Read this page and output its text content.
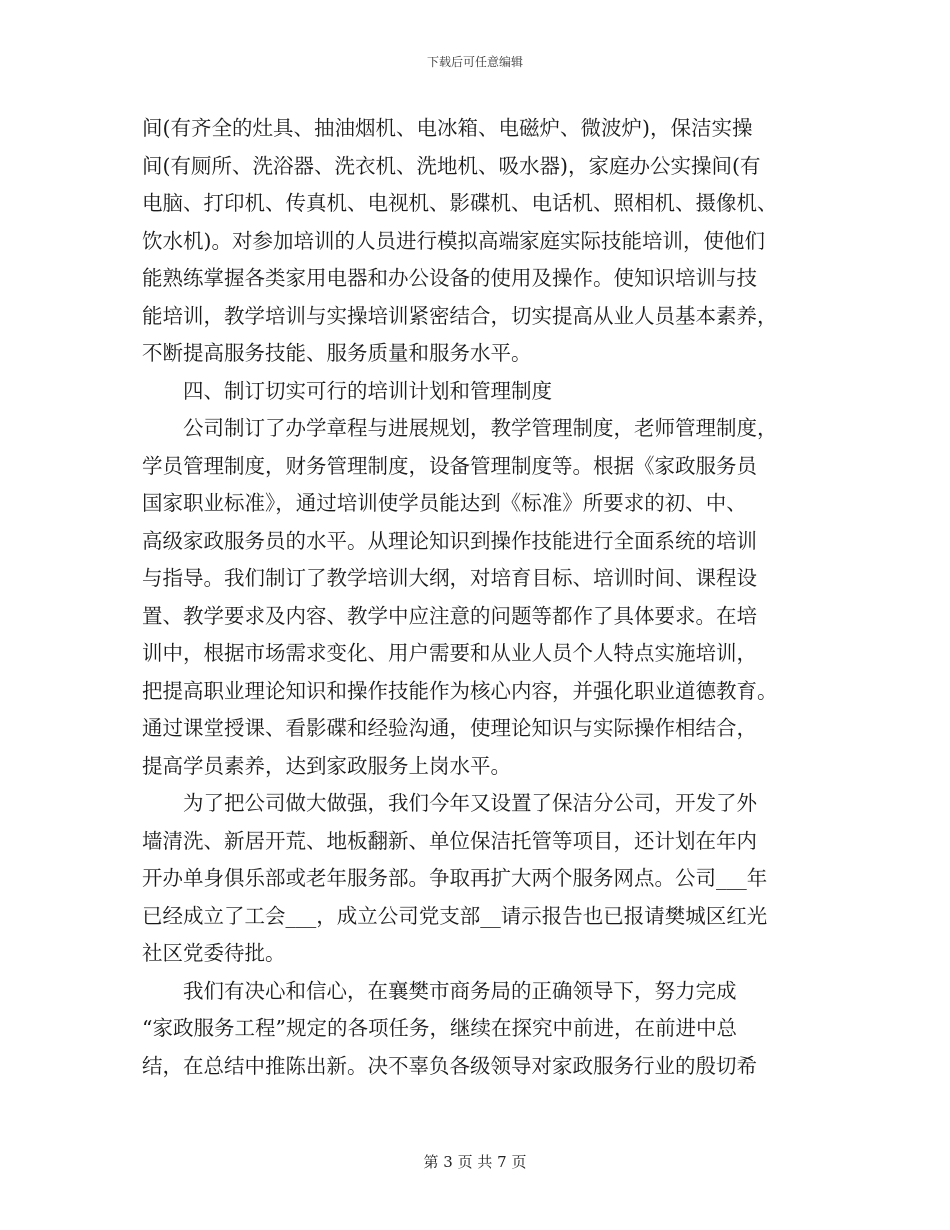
下载后可任意编辑
间(有齐全的灶具、抽油烟机、电冰箱、电磁炉、微波炉)，保洁实操
间(有厕所、洗浴器、洗衣机、洗地机、吸水器)，家庭办公实操间(有
电脑、打印机、传真机、电视机、影碟机、电话机、照相机、摄像机、
饮水机)。对参加培训的人员进行模拟高端家庭实际技能培训，使他们
能熟练掌握各类家用电器和办公设备的使用及操作。使知识培训与技
能培训，教学培训与实操培训紧密结合，切实提高从业人员基本素养，
不断提高服务技能、服务质量和服务水平。
四、制订切实可行的培训计划和管理制度
公司制订了办学章程与进展规划，教学管理制度，老师管理制度，
学员管理制度，财务管理制度，设备管理制度等。根据《家政服务员
国家职业标准》，通过培训使学员能达到《标准》所要求的初、中、
高级家政服务员的水平。从理论知识到操作技能进行全面系统的培训
与指导。我们制订了教学培训大纲，对培育目标、培训时间、课程设
置、教学要求及内容、教学中应注意的问题等都作了具体要求。在培
训中，根据市场需求变化、用户需要和从业人员个人特点实施培训，
把提高职业理论知识和操作技能作为核心内容，并强化职业道德教育。
通过课堂授课、看影碟和经验沟通，使理论知识与实际操作相结合，
提高学员素养，达到家政服务上岗水平。
为了把公司做大做强，我们今年又设置了保洁分公司，开发了外
墙清洗、新居开荒、地板翻新、单位保洁托管等项目，还计划在年内
开办单身俱乐部或老年服务部。争取再扩大两个服务网点。公司___年
已经成立了工会___，成立公司党支部__请示报告也已报请樊城区红光
社区党委待批。
我们有决心和信心，在襄樊市商务局的正确领导下，努力完成
“家政服务工程”规定的各项任务，继续在探究中前进，在前进中总
结，在总结中推陈出新。决不辜负各级领导对家政服务行业的殷切希
第 3 页 共 7 页
